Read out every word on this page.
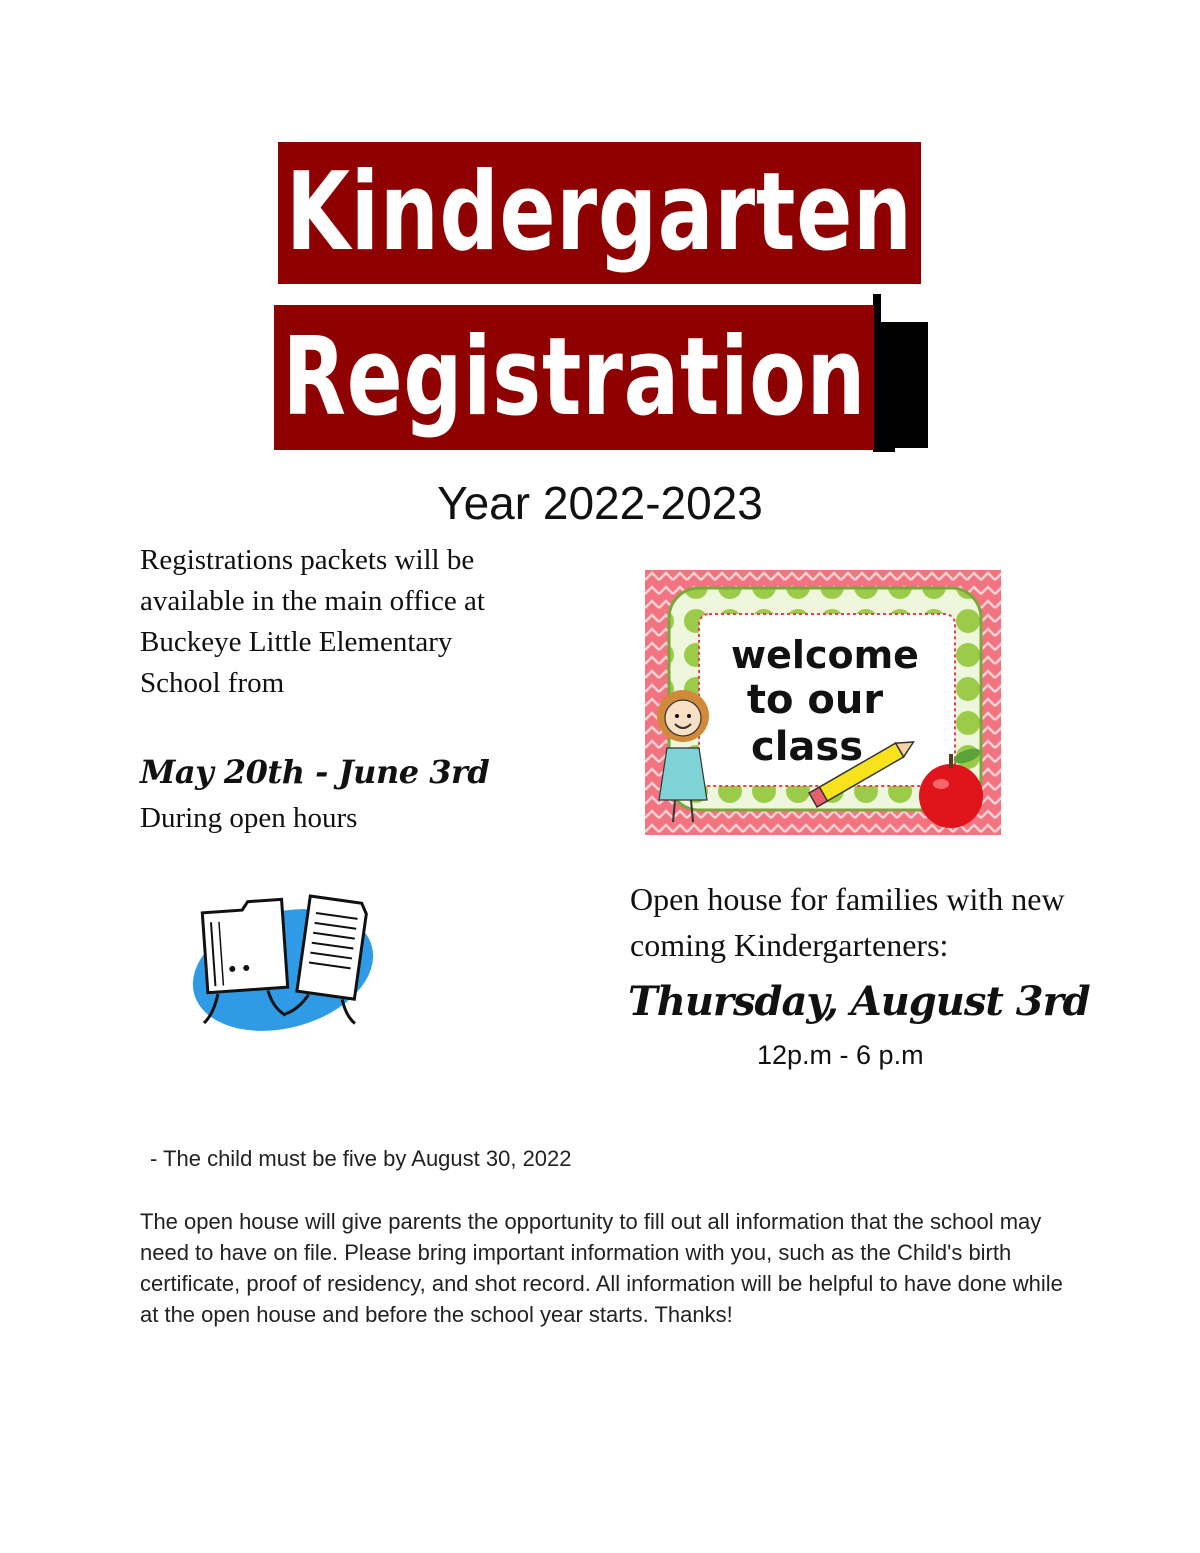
Kindergarten
Registration
Year 2022-2023
Registrations packets will be available in the main office at Buckeye Little Elementary School from
May 20th - June 3rd
During open hours
welcome
to our
class
Open house for families with new coming Kindergarteners:
Thursday, August 3rd
12p.m - 6 p.m
- The child must be five by August 30, 2022
The open house will give parents the opportunity to fill out all information that the school may need to have on file. Please bring important information with you, such as the Child's birth certificate, proof of residency, and shot record. All information will be helpful to have done while at the open house and before the school year starts. Thanks!
